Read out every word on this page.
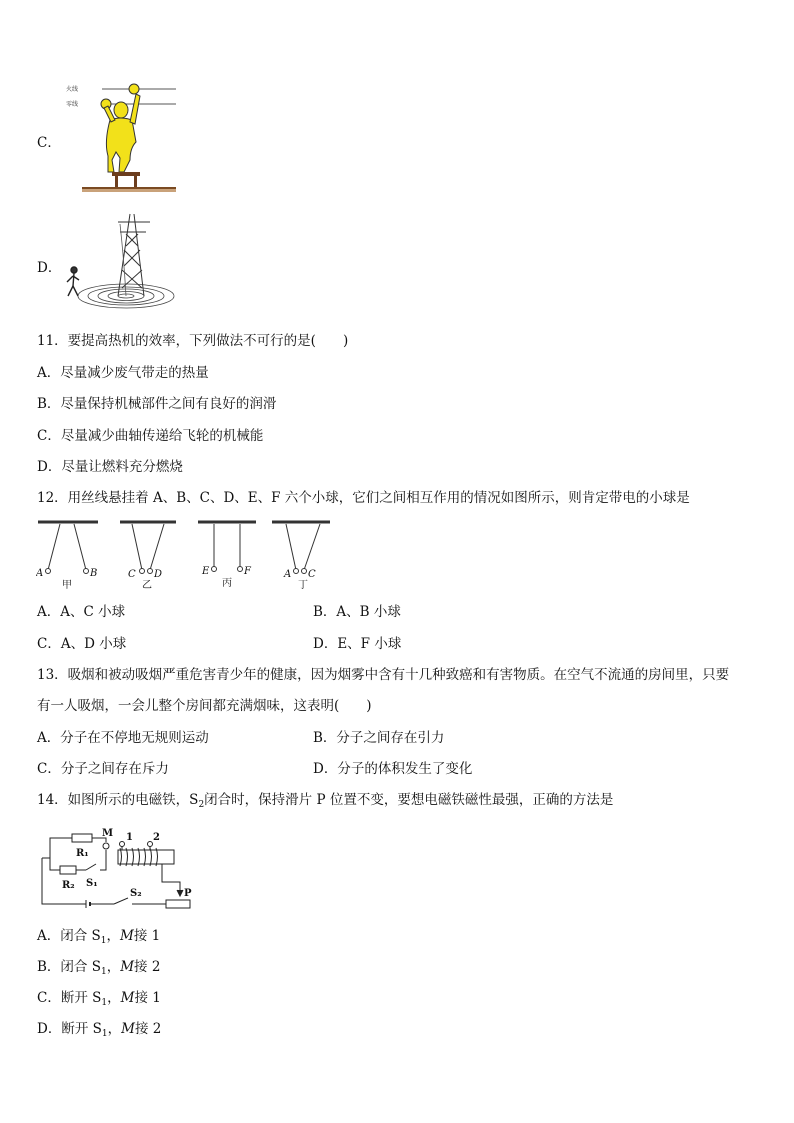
C．
火线
零线
D．
11．要提高热机的效率，下列做法不可行的是(　　)
A．尽量减少废气带走的热量
B．尽量保持机械部件之间有良好的润滑
C．尽量减少曲轴传递给飞轮的机械能
D．尽量让燃料充分燃烧
12．用丝线悬挂着 A、B、C、D、E、F 六个小球，它们之间相互作用的情况如图所示，则肯定带电的小球是
A	B	C D	E	F	A C
甲	乙	丙	丁
A．A、C 小球	B．A、B 小球
C．A、D 小球	D．E、F 小球
13．吸烟和被动吸烟严重危害青少年的健康，因为烟雾中含有十几种致癌和有害物质。在空气不流通的房间里，只要
有一人吸烟，一会儿整个房间都充满烟味，这表明(　　)
A．分子在不停地无规则运动	B．分子之间存在引力
C．分子之间存在斥力	D．分子的体积发生了变化
14．如图所示的电磁铁，$S_2$闭合时，保持滑片 P 位置不变，要想电磁铁磁性最强，正确的方法是
M 1 2
R₁
R₂ S₁
S₂	P
A．闭合 $S_1$，M接 1
B．闭合 $S_1$，M接 2
C．断开 $S_1$，M接 1
D．断开 $S_1$，M接 2
